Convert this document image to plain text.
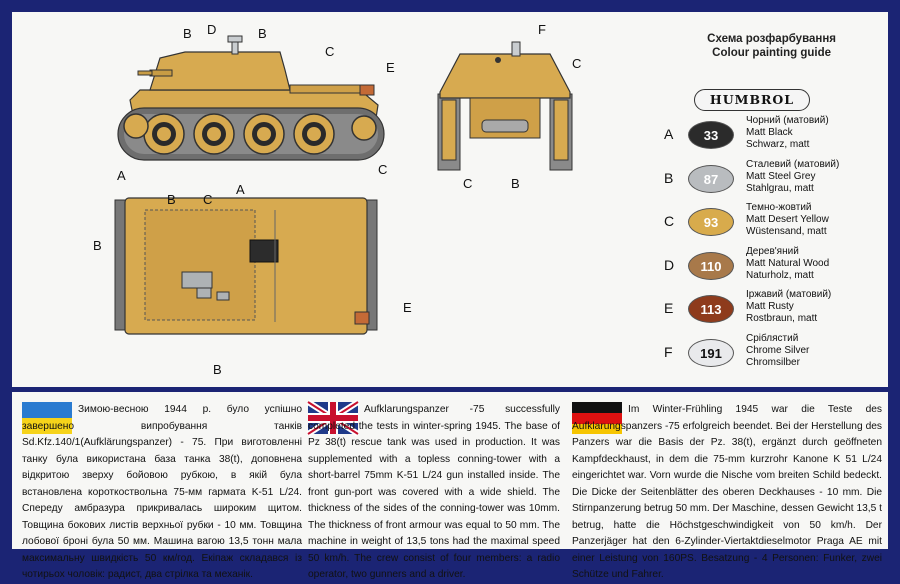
B D	B
C
E
A	C
F
C
C	B
B
B C
A
E
B
Схема розфарбування
Colour painting guide
HUMBROL
A	33
Чорний (матовий)
Matt Black
Schwarz, matt
B	87
Сталевий (матовий)
Matt Steel Grey
Stahlgrau, matt
C	93
Темно-жовтий
Matt Desert Yellow
Wüstensand, matt
D	110
Дерев'яний
Matt Natural Wood
Naturholz, matt
E	113
Іржавий (матовий)
Matt Rusty
Rostbraun, matt
F	191
Сріблястий
Chrome Silver
Chromsilber
Зимою-весною 1944 р. було успішно завершено випробування танків Sd.Kfz.140/1(Aufklärungspanzer) - 75. При виготовленні танку була використана база танка 38(t), доповнена відкритою зверху бойовою рубкою, в якій була встановлена короткоствольна 75-мм гармата K-51 L/24. Спереду амбразура прикривалась широким щитом. Товщина бокових листів верхньої рубки - 10 мм. Товщина лобової броні була 50 мм. Машина вагою 13,5 тонн мала максимальну швидкість 50 км/год. Екіпаж складався із чотирьох чоловік: радист, два стрілка та механік.
Aufklarungspanzer -75 successfully completed the tests in winter-spring 1945. The base of Pz 38(t) rescue tank was used in production. It was supplemented with a topless conning-tower with a short-barrel 75mm K-51 L/24 gun installed inside. The front gun-port was covered with a wide shield. The thickness of the sides of the conning-tower was 10mm. The thickness of front armour was equal to 50 mm. The machine in weight of 13,5 tons had the maximal speed 50 km/h. The crew consist of four members: a radio operator, two gunners and a driver.
Im Winter-Frühling 1945 war die Teste des Aufklarungspanzers -75 erfolgreich beendet. Bei der Herstellung des Panzers war die Basis der Pz. 38(t), ergänzt durch geöffneten Kampfdeckhaust, in dem die 75-mm kurzrohr Kanone K 51 L/24 eingerichtet war. Vorn wurde die Nische vom breiten Schild bedeckt. Die Dicke der Seitenblätter des oberen Deckhauses - 10 mm. Die Stirnpanzerung betrug 50 mm. Der Maschine, dessen Gewicht 13,5 t betrug, hatte die Höchstgeschwindigkeit von 50 km/h. Der Panzerjäger hat den 6-Zylinder-Viertaktdieselmotor Praga AE mit einer Leistung von 160PS. Besatzung - 4 Personen: Funker, zwei Schütze und Fahrer.
